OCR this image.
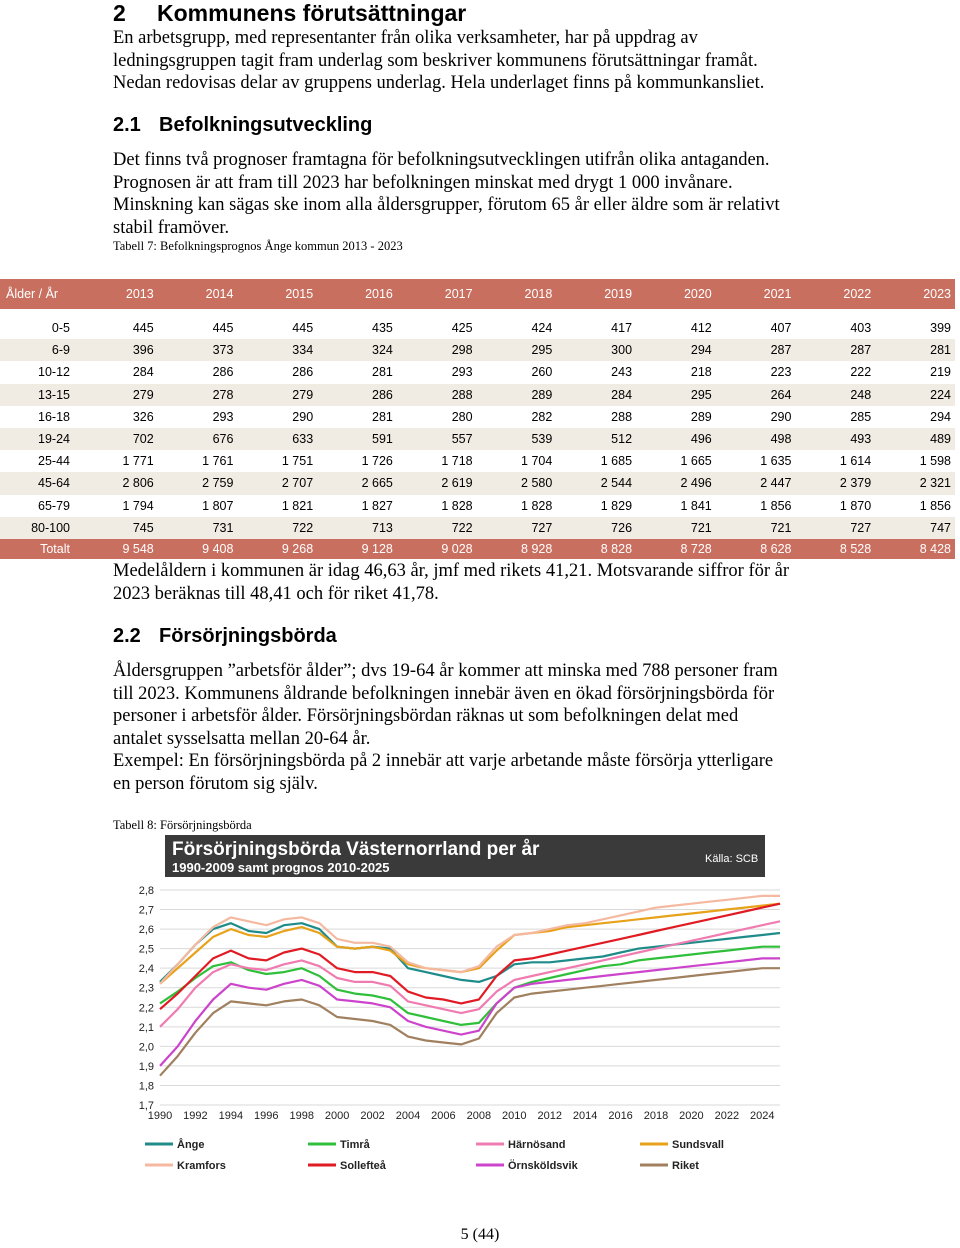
2 Kommunens förutsättningar
En arbetsgrupp, med representanter från olika verksamheter, har på uppdrag av
ledningsgruppen tagit fram underlag som beskriver kommunens förutsättningar framåt.
Nedan redovisas delar av gruppens underlag. Hela underlaget finns på kommunkansliet.
2.1 Befolkningsutveckling
Det finns två prognoser framtagna för befolkningsutvecklingen utifrån olika antaganden.
Prognosen är att fram till 2023 har befolkningen minskat med drygt 1 000 invånare.
Minskning kan sägas ske inom alla åldersgrupper, förutom 65 år eller äldre som är relativt
stabil framöver.
Tabell 7: Befolkningsprognos Ånge kommun 2013 - 2023
Ålder / År	2013	2014	2015	2016	2017	2018	2019	2020	2021	2022	2023

0-5	445	445	445	435	425	424	417	412	407	403	399
6-9	396	373	334	324	298	295	300	294	287	287	281
10-12	284	286	286	281	293	260	243	218	223	222	219
13-15	279	278	279	286	288	289	284	295	264	248	224
16-18	326	293	290	281	280	282	288	289	290	285	294
19-24	702	676	633	591	557	539	512	496	498	493	489
25-44	1 771	1 761	1 751	1 726	1 718	1 704	1 685	1 665	1 635	1 614	1 598
45-64	2 806	2 759	2 707	2 665	2 619	2 580	2 544	2 496	2 447	2 379	2 321
65-79	1 794	1 807	1 821	1 827	1 828	1 828	1 829	1 841	1 856	1 870	1 856
80-100	745	731	722	713	722	727	726	721	721	727	747
Totalt	9 548	9 408	9 268	9 128	9 028	8 928	8 828	8 728	8 628	8 528	8 428
Medelåldern i kommunen är idag 46,63 år, jmf med rikets 41,21. Motsvarande siffror för år
2023 beräknas till 48,41 och för riket 41,78.
2.2 Försörjningsbörda
Åldersgruppen ”arbetsför ålder”; dvs 19-64 år kommer att minska med 788 personer fram
till 2023. Kommunens åldrande befolkningen innebär även en ökad försörjningsbörda för
personer i arbetsför ålder. Försörjningsbördan räknas ut som befolkningen delat med
antalet sysselsatta mellan 20-64 år.
Exempel: En försörjningsbörda på 2 innebär att varje arbetande måste försörja ytterligare
en person förutom sig själv.
Tabell 8: Försörjningsbörda
Försörjningsbörda Västernorrland per år
1990-2009 samt prognos 2010-2025
Källa: SCB
1,7
1,8
1,9
2,0
2,1
2,2
2,3
2,4
2,5
2,6
2,7
2,8
1990 1992 1994 1996 1998 2000 2002 2004 2006 2008 2010 2012 2014 2016 2018 2020 2022 2024
Ånge	Timrå	Härnösand	Sundsvall
Kramfors	Sollefteå	Örnsköldsvik	Riket
5 (44)
